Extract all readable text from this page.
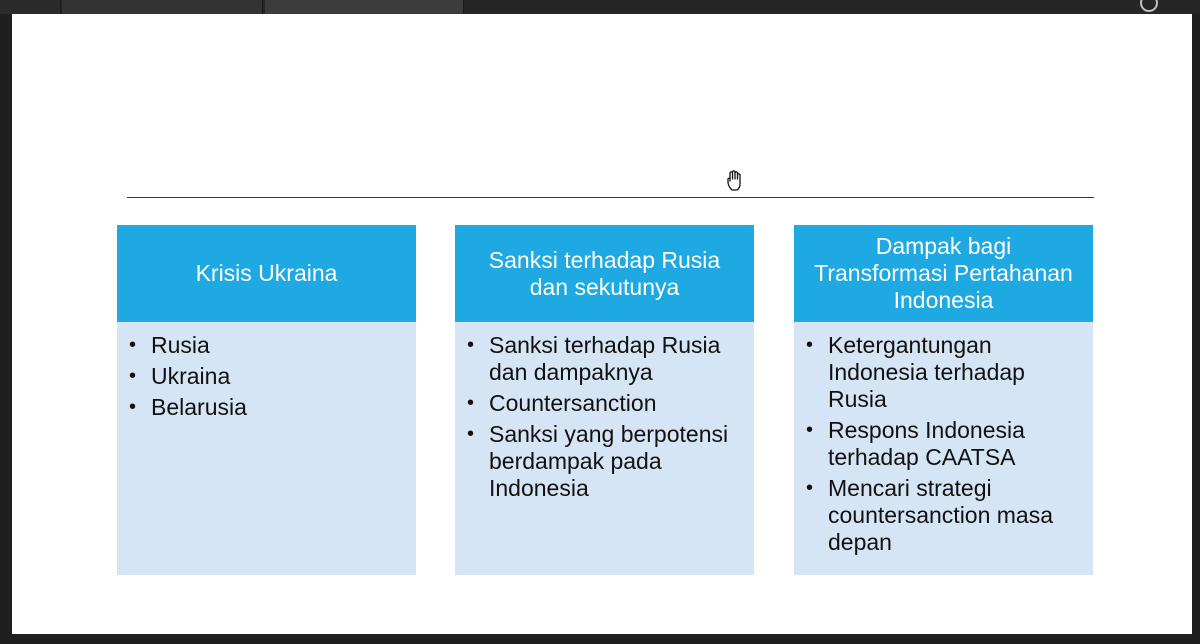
Krisis Ukraina
• Rusia
• Ukraina
• Belarusia
Sanksi terhadap Rusia dan sekutunya
• Sanksi terhadap Rusia dan dampaknya
• Countersanction
• Sanksi yang berpotensi berdampak pada Indonesia
Dampak bagi Transformasi Pertahanan Indonesia
• Ketergantungan Indonesia terhadap Rusia
• Respons Indonesia terhadap CAATSA
• Mencari strategi countersanction masa depan
